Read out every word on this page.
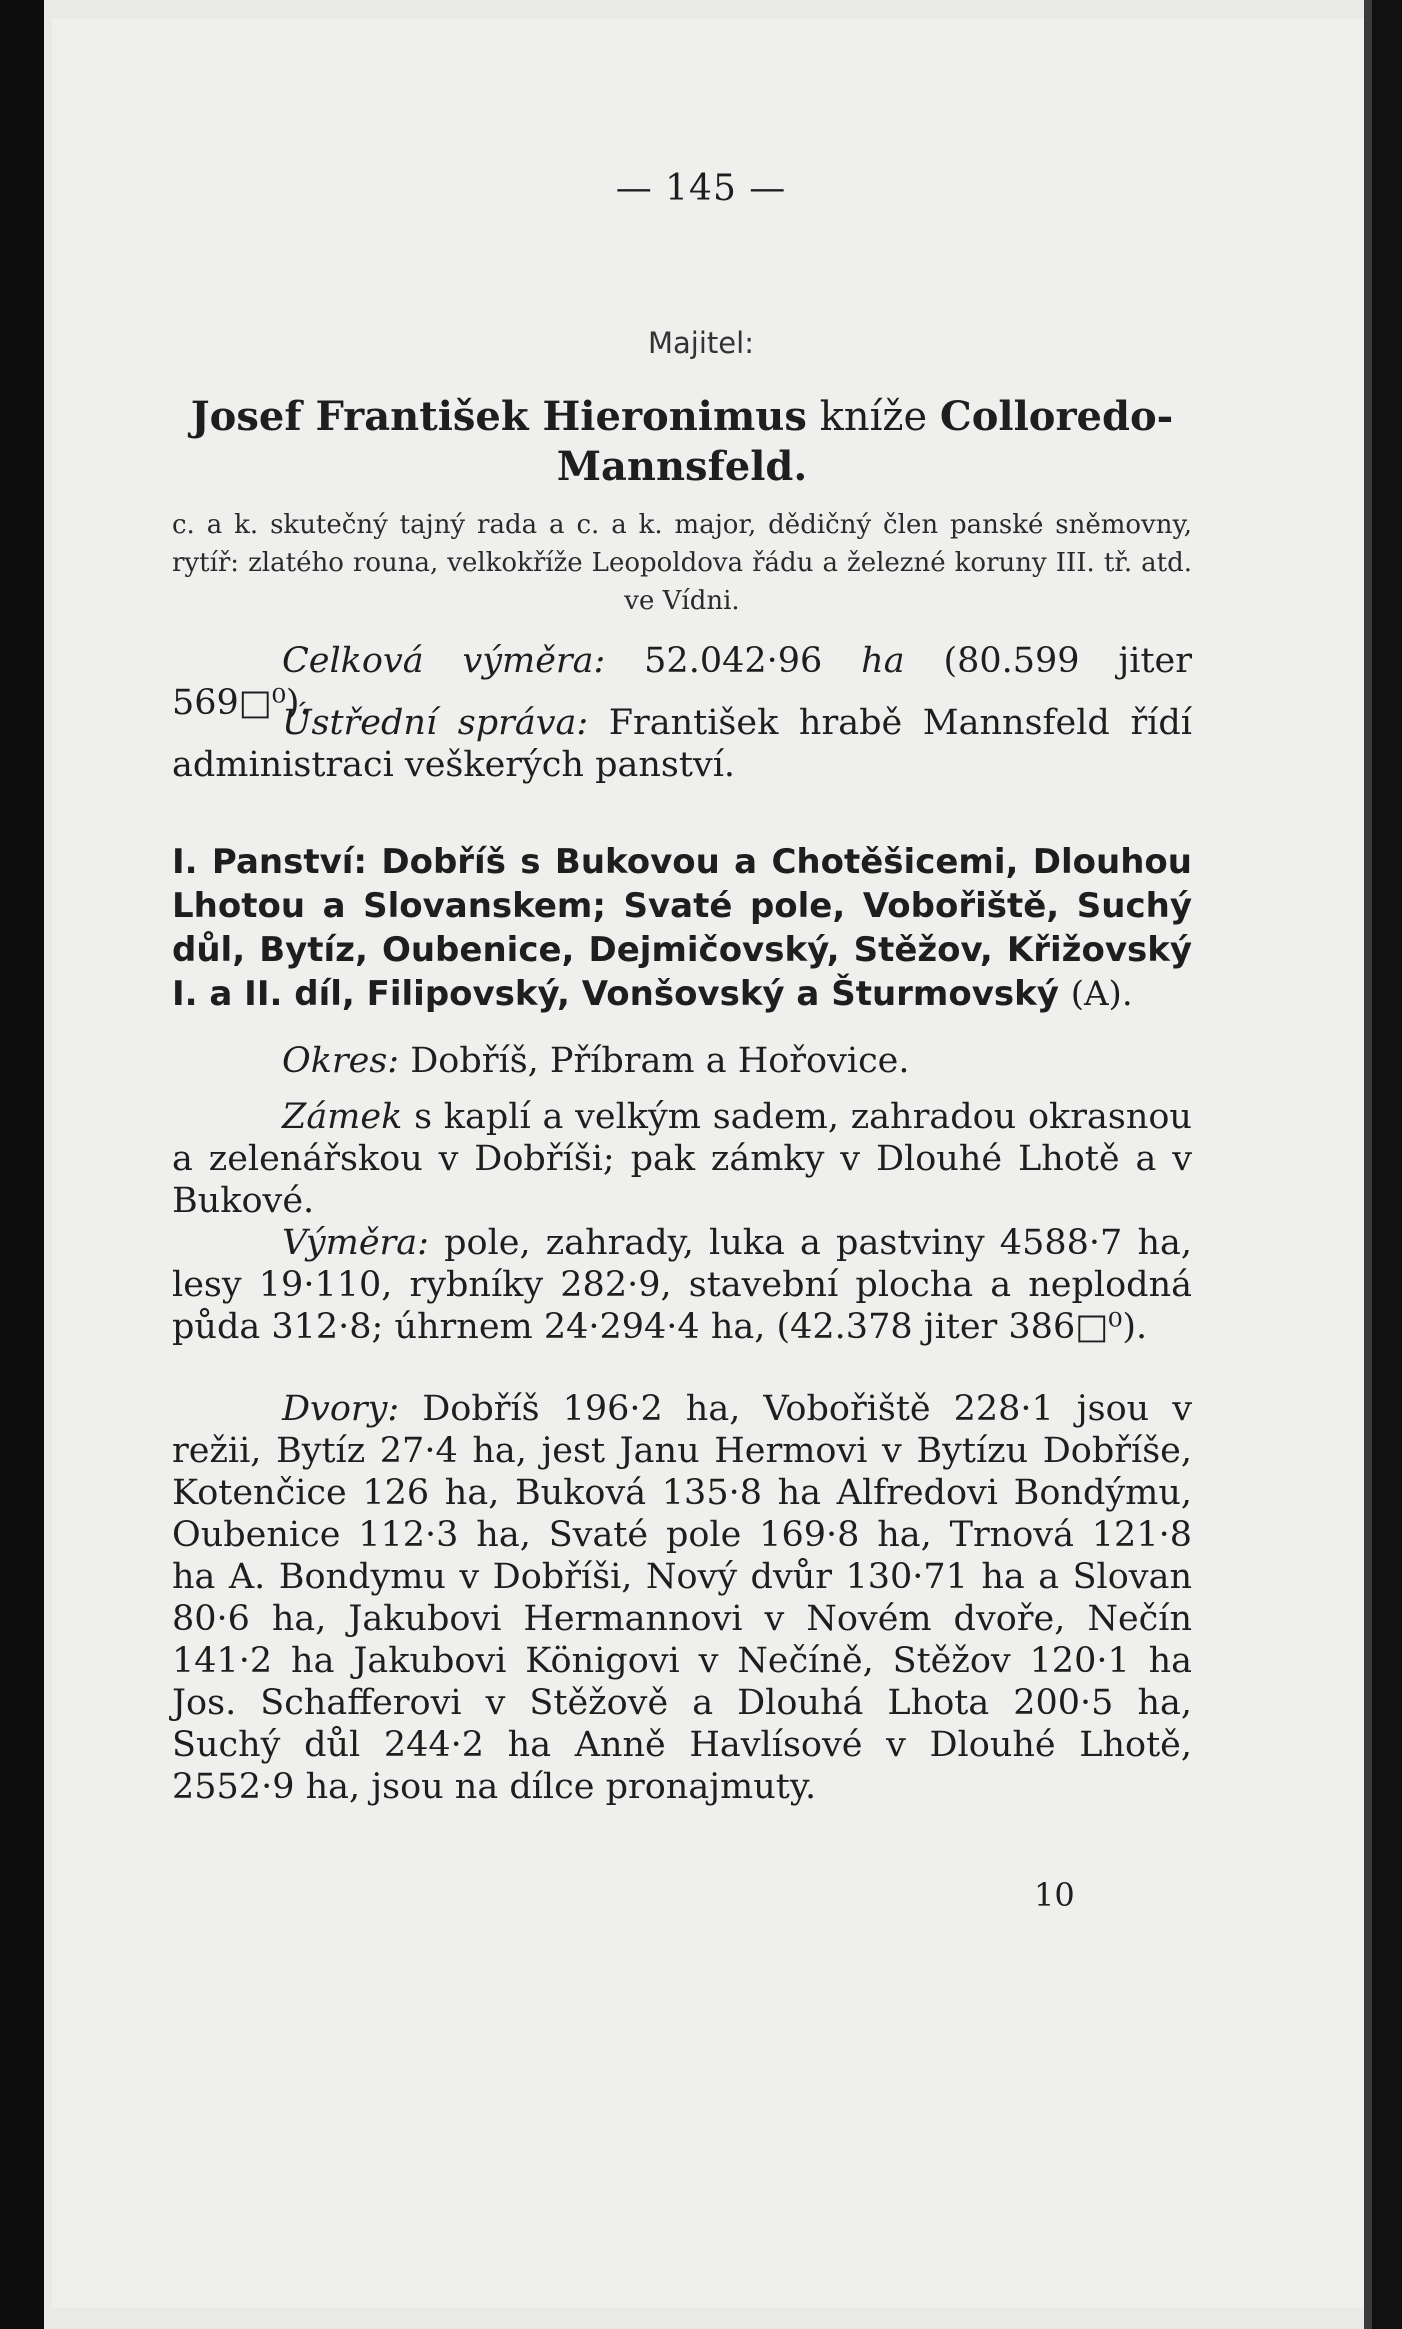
— 145 —
Majitel:
Josef František Hieronimus kníže Colloredo-Mannsfeld.
c. a k. skutečný tajný rada a c. a k. major, dědičný člen panské sněmovny, rytíř: zlatého rouna, velkokříže Leopoldova řádu a železné koruny III. tř. atd. ve Vídni.
Celková výměra: 52.042·96 ha (80.599 jiter 569□⁰).
Ústřední správa: František hrabě Mannsfeld řídí administraci veškerých panství.
I. Panství: Dobříš s Bukovou a Chotěšicemi, Dlouhou Lhotou a Slovanskem; Svaté pole, Vobořiště, Suchý důl, Bytíz, Oubenice, Dejmičovský, Stěžov, Křižovský I. a II. díl, Filipovský, Vonšovský a Šturmovský (A).
Okres: Dobříš, Příbram a Hořovice.
Zámek s kaplí a velkým sadem, zahradou okrasnou a zelenářskou v Dobříši; pak zámky v Dlouhé Lhotě a v Bukové.
Výměra: pole, zahrady, luka a pastviny 4588·7 ha, lesy 19·110, rybníky 282·9, stavební plocha a neplodná půda 312·8; úhrnem 24·294·4 ha, (42.378 jiter 386□⁰).
Dvory: Dobříš 196·2 ha, Vobořiště 228·1 jsou v režii, Bytíz 27·4 ha, jest Janu Hermovi v Bytízu Dobříše, Kotenčice 126 ha, Buková 135·8 ha Alfredovi Bondýmu, Oubenice 112·3 ha, Svaté pole 169·8 ha, Trnová 121·8 ha A. Bondymu v Dobříši, Nový dvůr 130·71 ha a Slovan 80·6 ha, Jakubovi Hermannovi v Novém dvoře, Nečín 141·2 ha Jakubovi Königovi v Nečíně, Stěžov 120·1 ha Jos. Schafferovi v Stěžově a Dlouhá Lhota 200·5 ha, Suchý důl 244·2 ha Anně Havlísové v Dlouhé Lhotě, 2552·9 ha, jsou na dílce pronajmuty.
10
